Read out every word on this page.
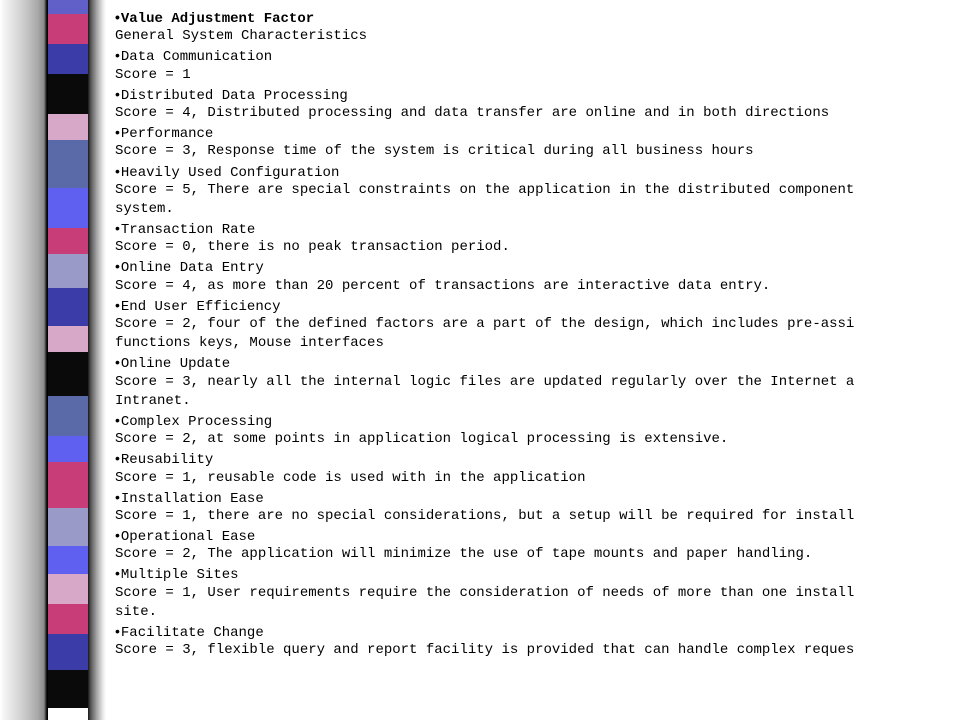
• Value Adjustment Factor
General System Characteristics
• Data Communication
Score = 1
• Distributed Data Processing
Score = 4, Distributed processing and data transfer are online and in both directions
• Performance
Score = 3, Response time of the system is critical during all business hours
• Heavily Used Configuration
Score = 5, There are special constraints on the application in the distributed component
system.
• Transaction Rate
Score = 0, there is no peak transaction period.
• Online Data Entry
Score = 4, as more than 20 percent of transactions are interactive data entry.
• End User Efficiency
Score = 2, four of the defined factors are a part of the design, which includes pre-assi
functions keys, Mouse interfaces
• Online Update
Score = 3, nearly all the internal logic files are updated regularly over the Internet a
Intranet.
• Complex Processing
Score = 2, at some points in application logical processing is extensive.
• Reusability
Score = 1, reusable code is used with in the application
• Installation Ease
Score = 1, there are no special considerations, but a setup will be required for install
• Operational Ease
Score = 2, The application will minimize the use of tape mounts and paper handling.
• Multiple Sites
Score = 1, User requirements require the consideration of needs of more than one install
site.
• Facilitate Change
Score = 3, flexible query and report facility is provided that can handle complex reques
